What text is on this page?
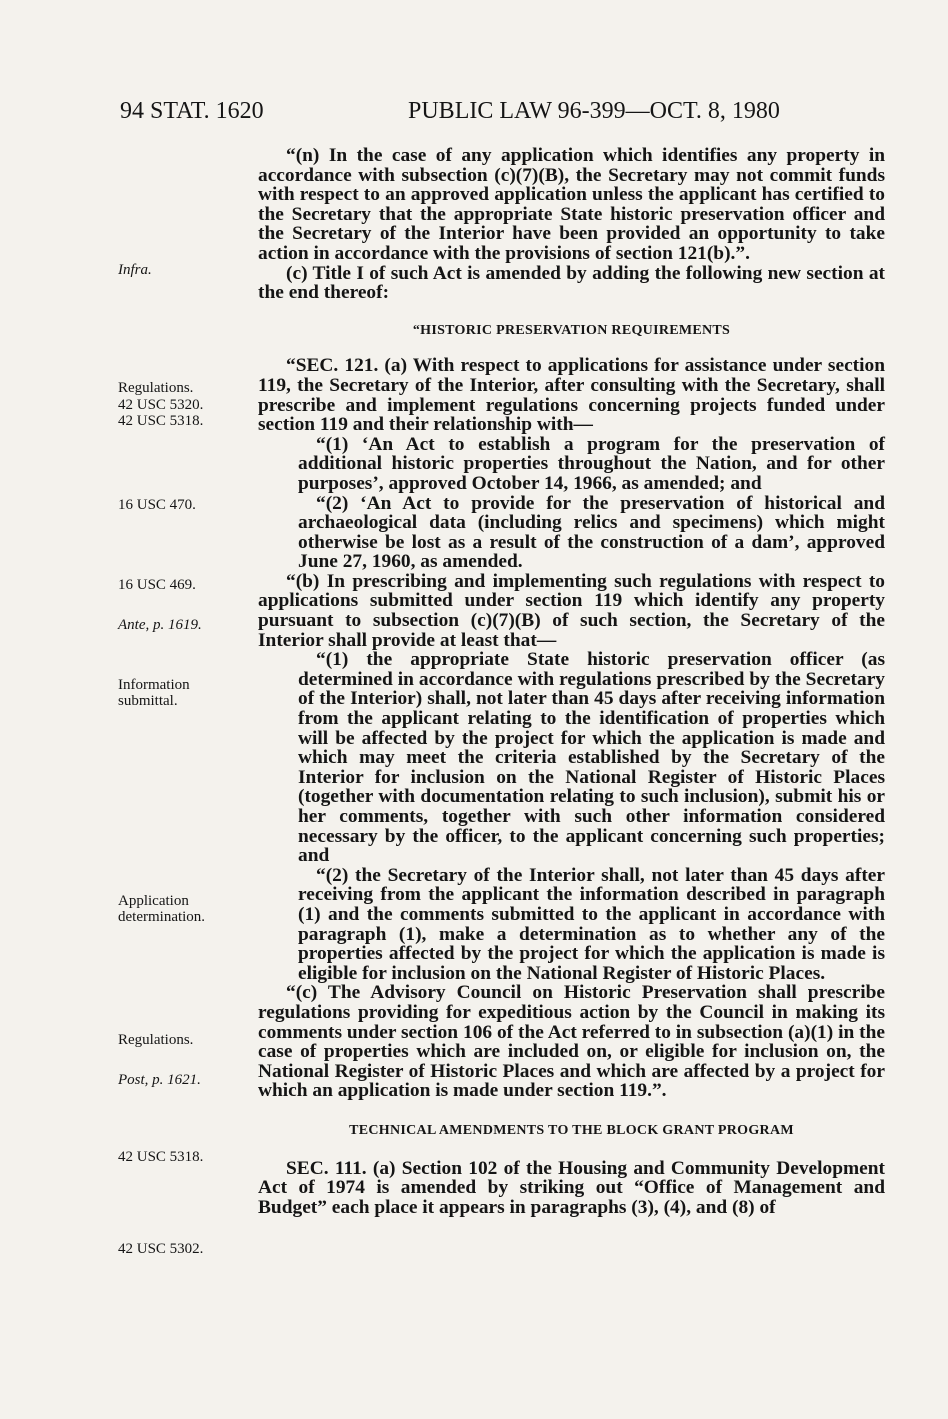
94 STAT. 1620	PUBLIC LAW 96-399—OCT. 8, 1980
Infra.
Regulations.
42 USC 5320.
42 USC 5318.
16 USC 470.
16 USC 469.
Ante, p. 1619.
Information submittal.
Application determination.
Regulations.
Post, p. 1621.
42 USC 5318.
42 USC 5302.

“(n) In the case of any application which identifies any property in accordance with subsection (c)(7)(B), the Secretary may not commit funds with respect to an approved application unless the applicant has certified to the Secretary that the appropriate State historic preservation officer and the Secretary of the Interior have been provided an opportunity to take action in accordance with the provisions of section 121(b).”.

(c) Title I of such Act is amended by adding the following new section at the end thereof:

“HISTORIC PRESERVATION REQUIREMENTS

“SEC. 121. (a) With respect to applications for assistance under section 119, the Secretary of the Interior, after consulting with the Secretary, shall prescribe and implement regulations concerning projects funded under section 119 and their relationship with—

“(1) ‘An Act to establish a program for the preservation of additional historic properties throughout the Nation, and for other purposes’, approved October 14, 1966, as amended; and

“(2) ‘An Act to provide for the preservation of historical and archaeological data (including relics and specimens) which might otherwise be lost as a result of the construction of a dam’, approved June 27, 1960, as amended.

“(b) In prescribing and implementing such regulations with respect to applications submitted under section 119 which identify any property pursuant to subsection (c)(7)(B) of such section, the Secretary of the Interior shall provide at least that—

“(1) the appropriate State historic preservation officer (as determined in accordance with regulations prescribed by the Secretary of the Interior) shall, not later than 45 days after receiving information from the applicant relating to the identification of properties which will be affected by the project for which the application is made and which may meet the criteria established by the Secretary of the Interior for inclusion on the National Register of Historic Places (together with documentation relating to such inclusion), submit his or her comments, together with such other information considered necessary by the officer, to the applicant concerning such properties; and

“(2) the Secretary of the Interior shall, not later than 45 days after receiving from the applicant the information described in paragraph (1) and the comments submitted to the applicant in accordance with paragraph (1), make a determination as to whether any of the properties affected by the project for which the application is made is eligible for inclusion on the National Register of Historic Places.

“(c) The Advisory Council on Historic Preservation shall prescribe regulations providing for expeditious action by the Council in making its comments under section 106 of the Act referred to in subsection (a)(1) in the case of properties which are included on, or eligible for inclusion on, the National Register of Historic Places and which are affected by a project for which an application is made under section 119.”.

TECHNICAL AMENDMENTS TO THE BLOCK GRANT PROGRAM

SEC. 111. (a) Section 102 of the Housing and Community Development Act of 1974 is amended by striking out “Office of Management and Budget” each place it appears in paragraphs (3), (4), and (8) of
